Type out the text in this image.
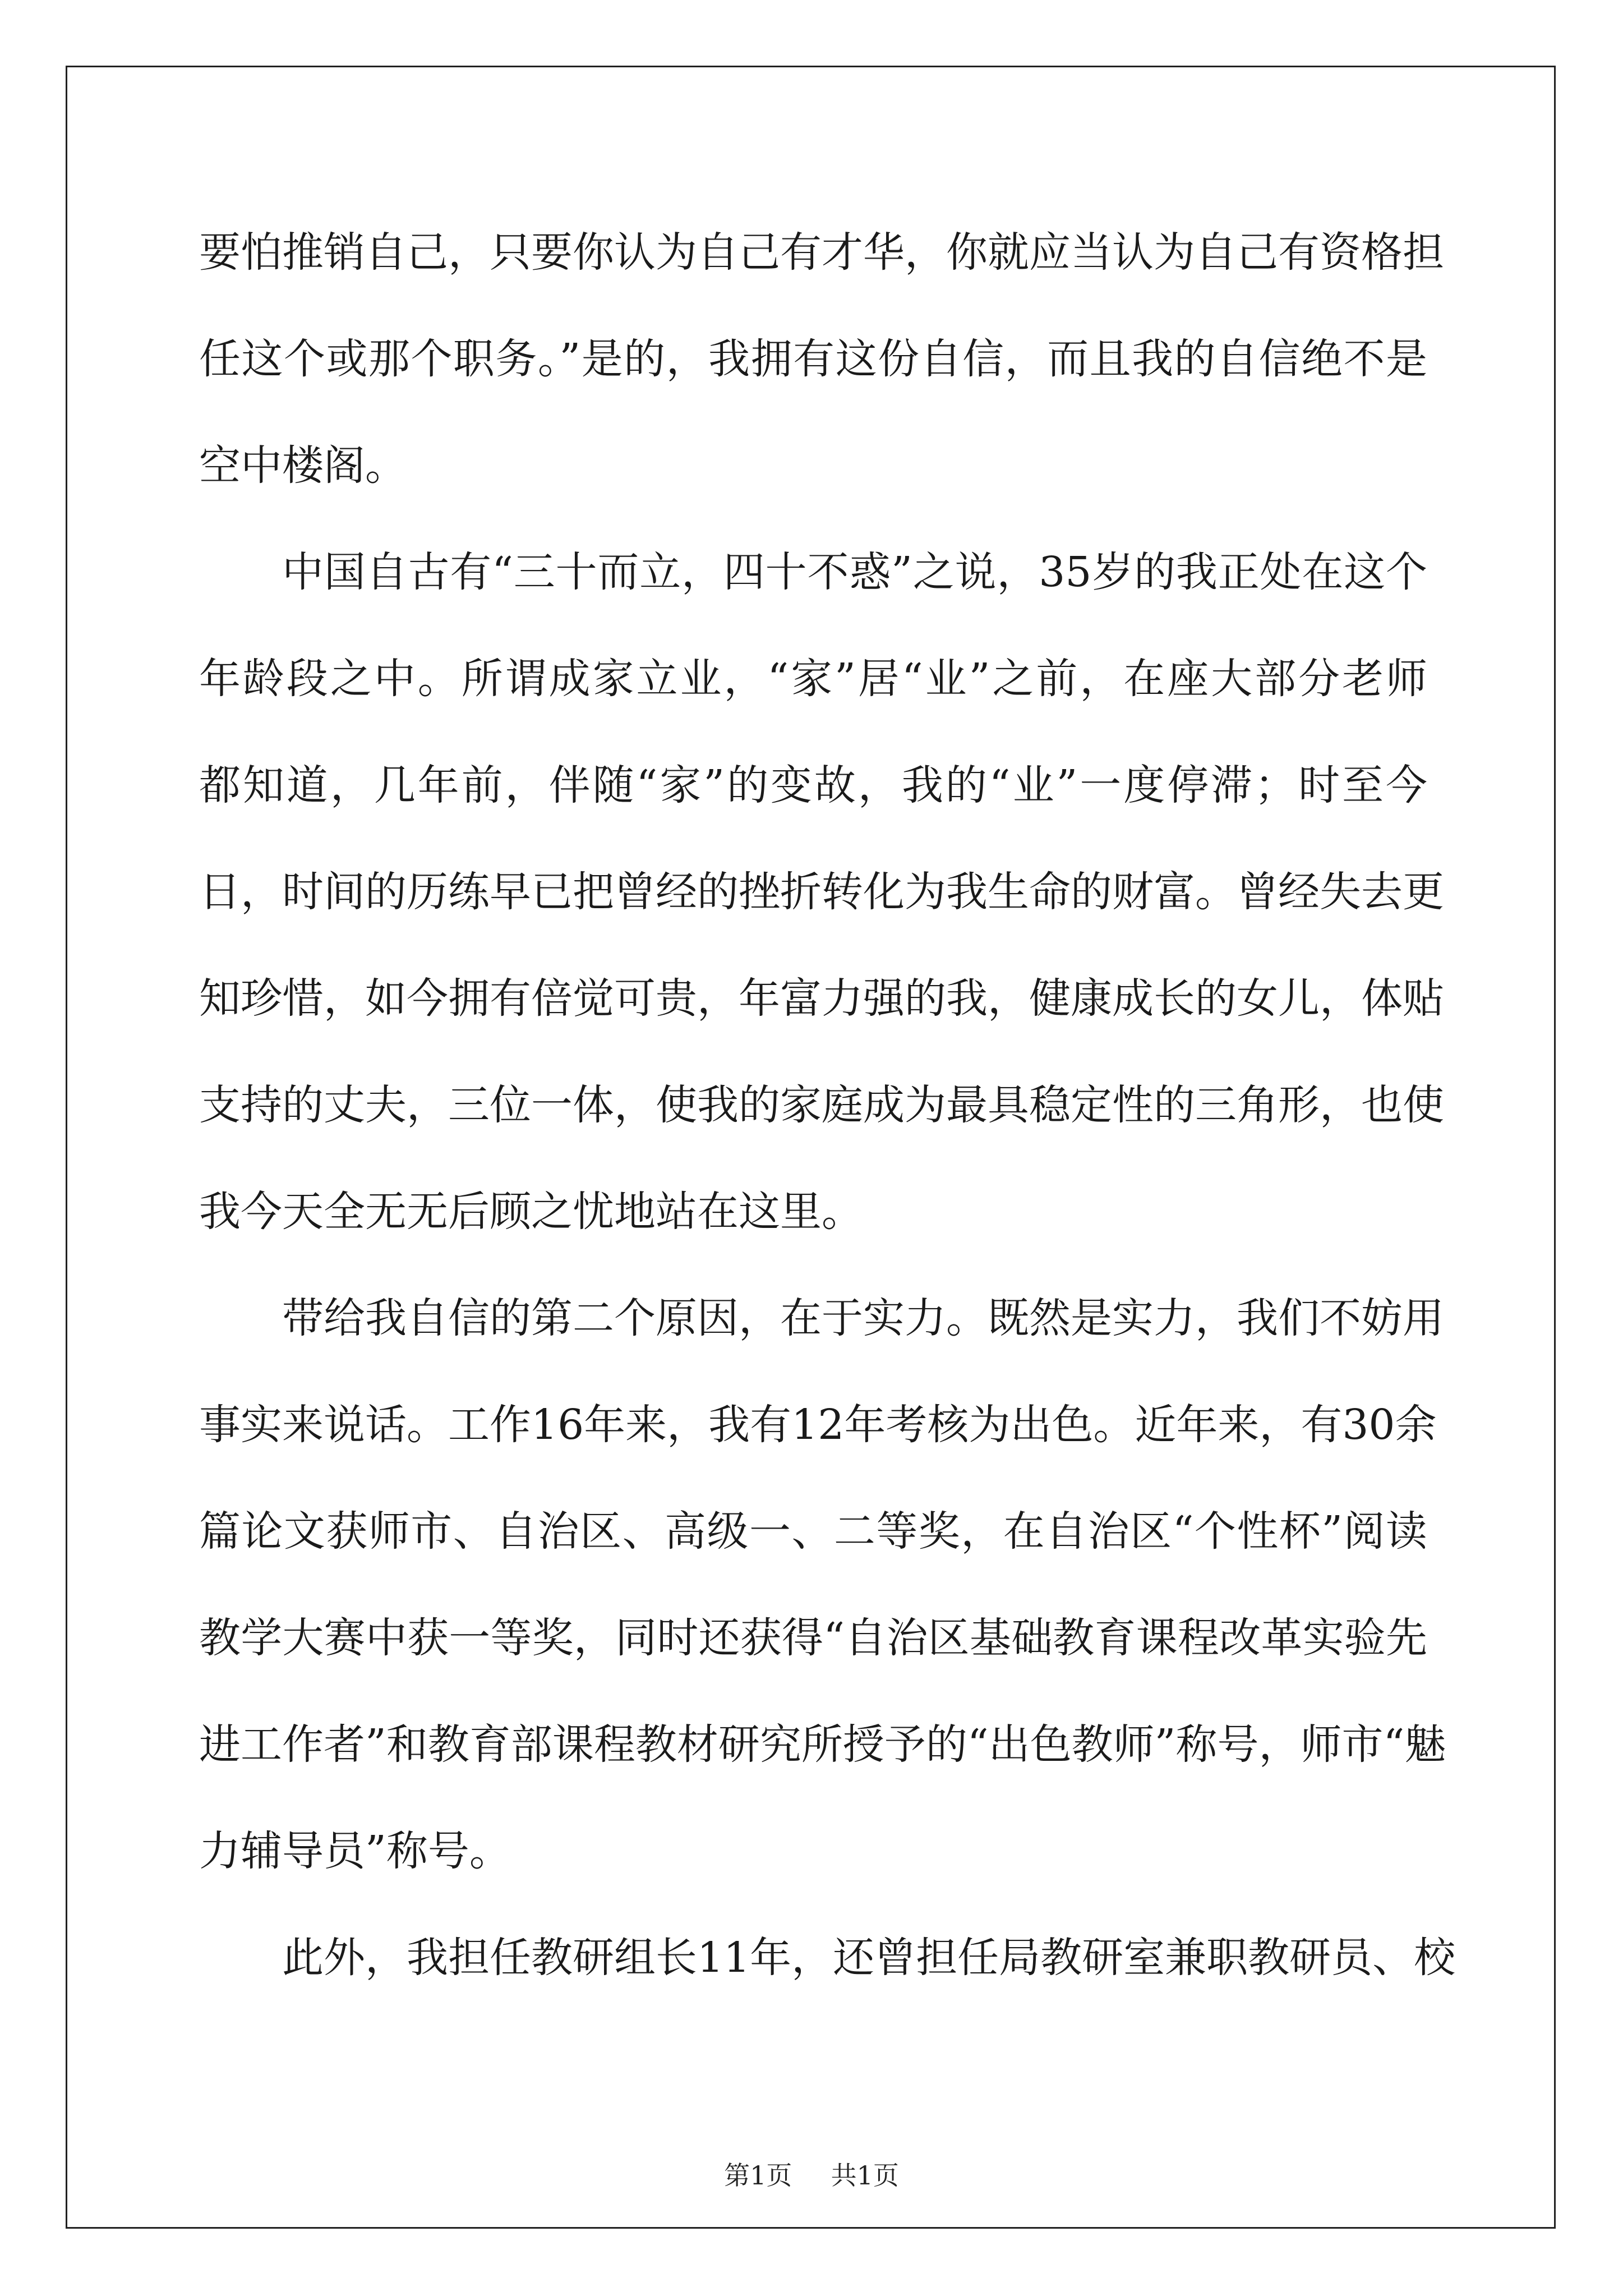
要怕推销自己，只要你认为自己有才华，你就应当认为自己有资格担
任这个或那个职务。”是的，我拥有这份自信，而且我的自信绝不是
空中楼阁。
中国自古有“三十而立，四十不惑”之说，35岁的我正处在这个
年龄段之中。所谓成家立业，“家”居“业”之前，在座大部分老师
都知道，几年前，伴随“家”的变故，我的“业”一度停滞；时至今
日，时间的历练早已把曾经的挫折转化为我生命的财富。曾经失去更
知珍惜，如今拥有倍觉可贵，年富力强的我，健康成长的女儿，体贴
支持的丈夫，三位一体，使我的家庭成为最具稳定性的三角形，也使
我今天全无无后顾之忧地站在这里。
带给我自信的第二个原因，在于实力。既然是实力，我们不妨用
事实来说话。工作16年来，我有12年考核为出色。近年来，有30余
篇论文获师市、自治区、高级一、二等奖，在自治区“个性杯”阅读
教学大赛中获一等奖，同时还获得“自治区基础教育课程改革实验先
进工作者”和教育部课程教材研究所授予的“出色教师”称号，师市“魅
力辅导员”称号。
此外，我担任教研组长11年，还曾担任局教研室兼职教研员、校
第1页 共1页
